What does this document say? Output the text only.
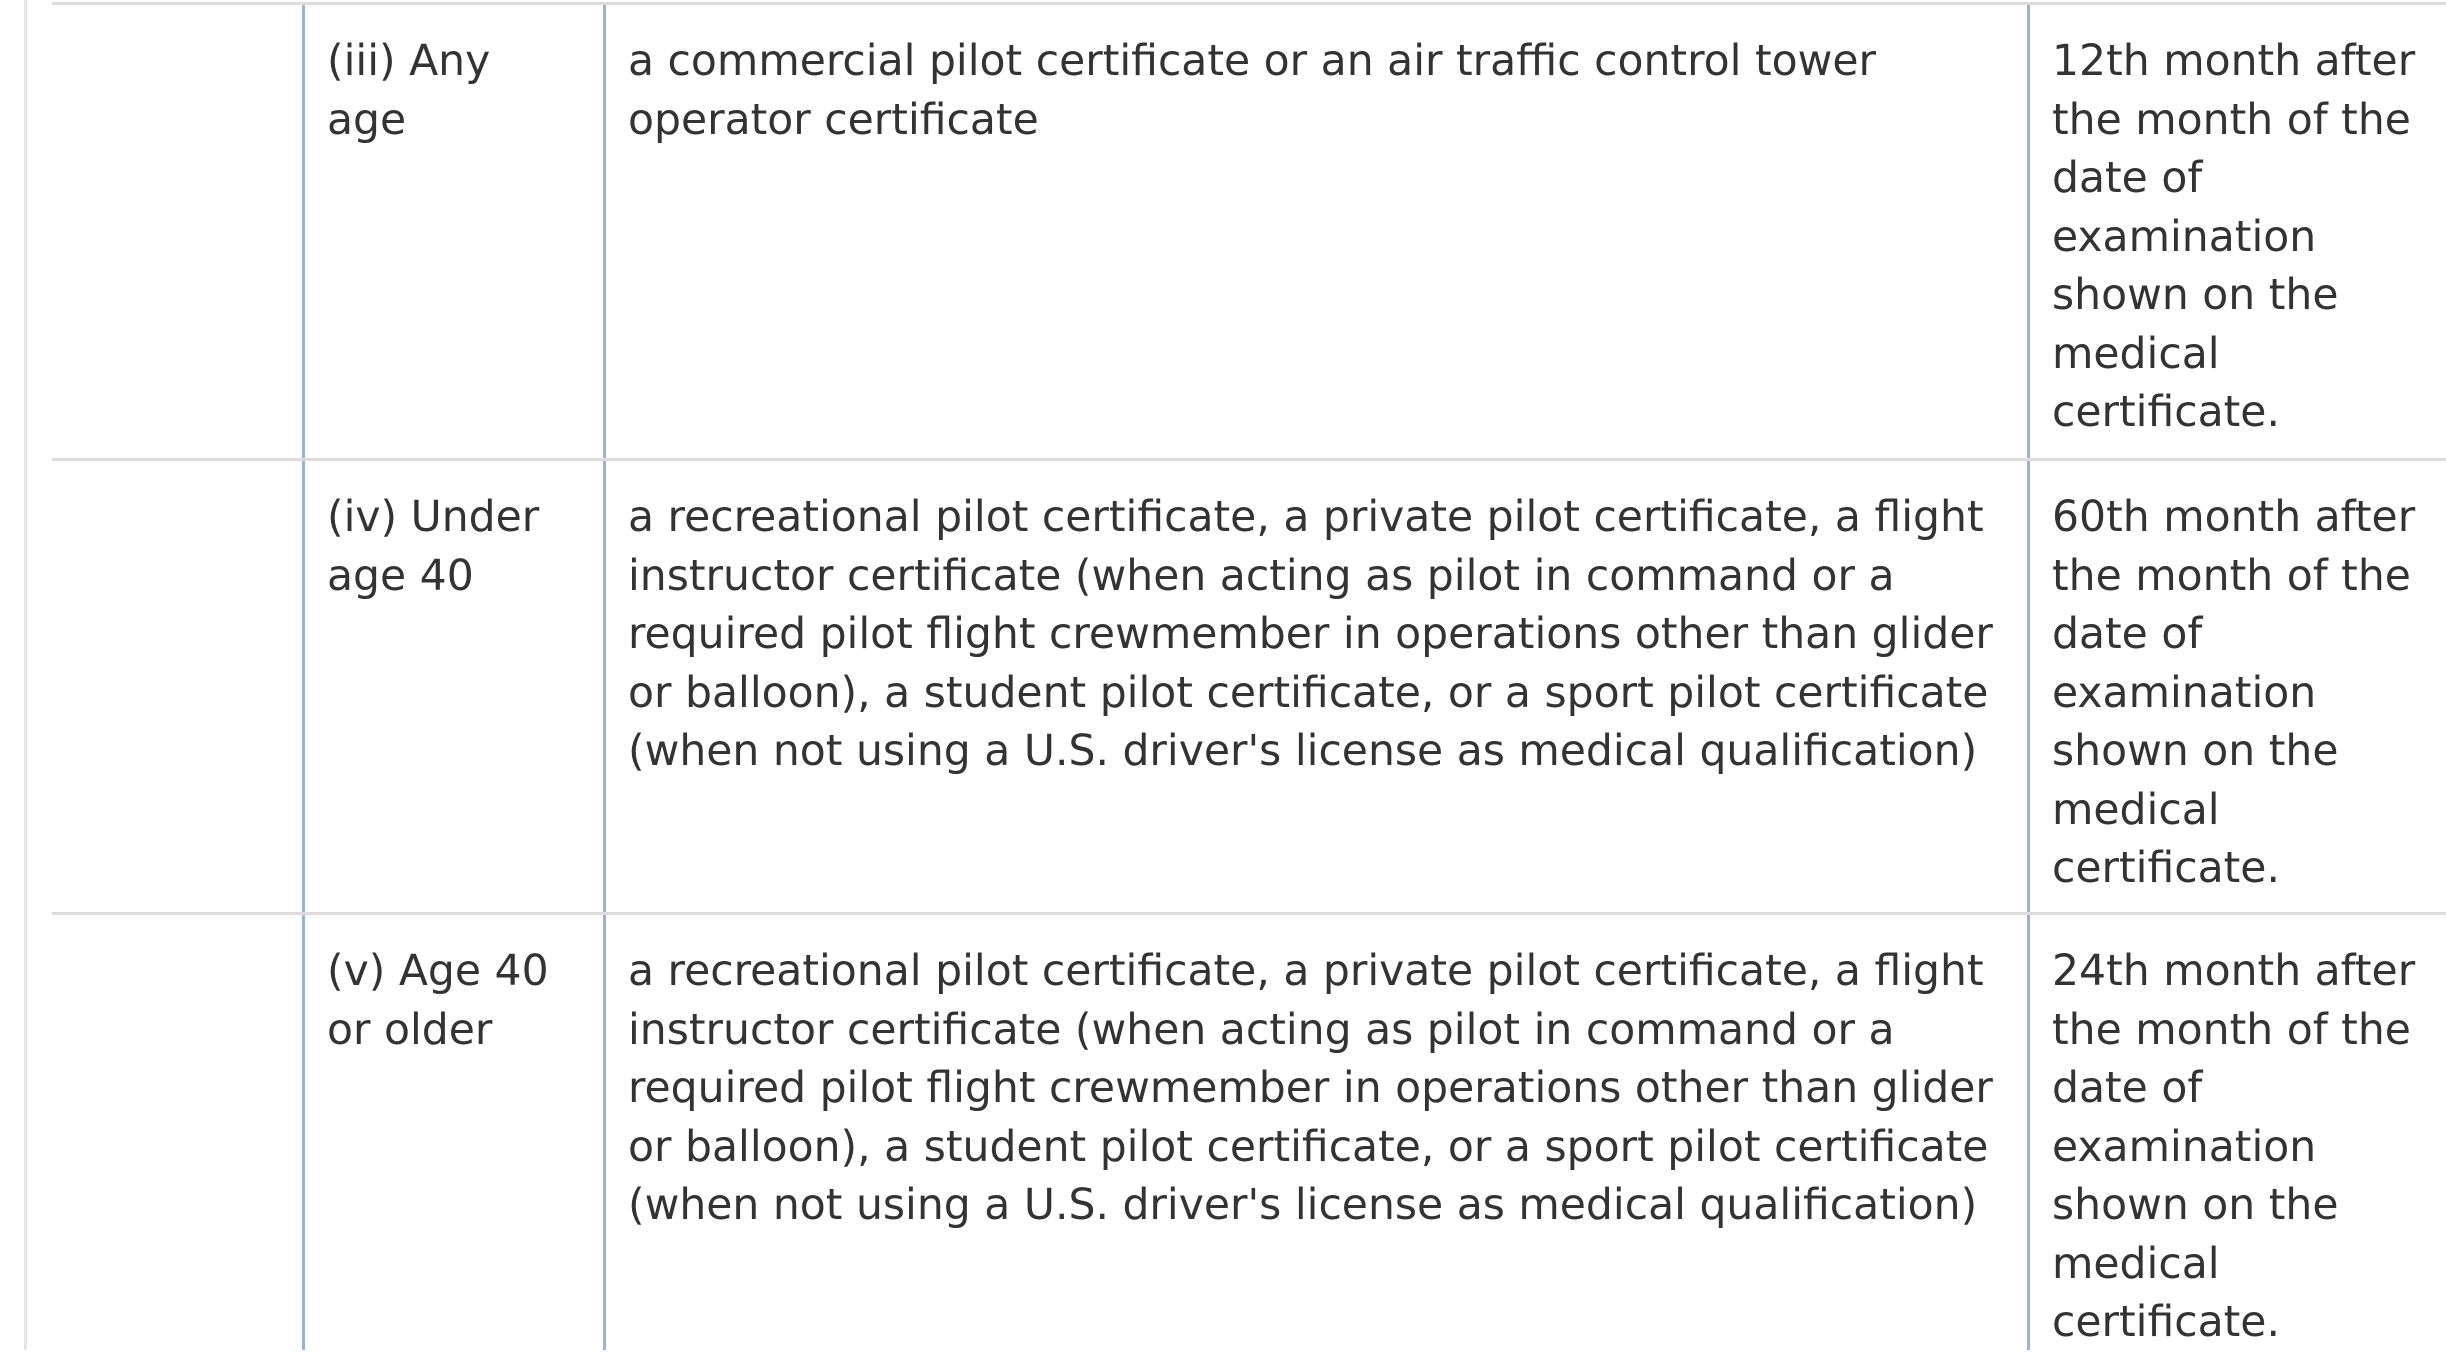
(iii) Any age
a commercial pilot certificate or an air traffic control tower operator certificate
12th month after the month of the date of examination shown on the medical certificate.
(iv) Under age 40
a recreational pilot certificate, a private pilot certificate, a flight instructor certificate (when acting as pilot in command or a required pilot flight crewmember in operations other than glider or balloon), a student pilot certificate, or a sport pilot certificate (when not using a U.S. driver's license as medical qualification)
60th month after the month of the date of examination shown on the medical certificate.
(v) Age 40 or older
a recreational pilot certificate, a private pilot certificate, a flight instructor certificate (when acting as pilot in command or a required pilot flight crewmember in operations other than glider or balloon), a student pilot certificate, or a sport pilot certificate (when not using a U.S. driver's license as medical qualification)
24th month after the month of the date of examination shown on the medical certificate.
